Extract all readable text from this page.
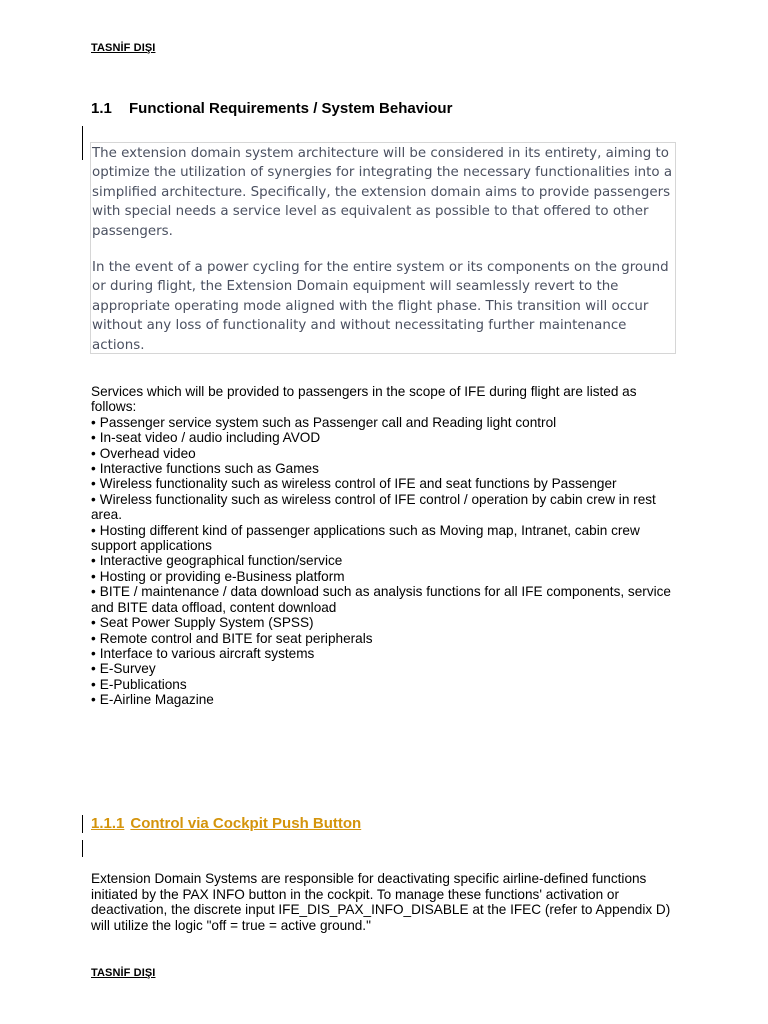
TASNİF DIŞI
1.1 Functional Requirements / System Behaviour

The extension domain system architecture will be considered in its entirety, aiming to optimize the utilization of synergies for integrating the necessary functionalities into a simplified architecture. Specifically, the extension domain aims to provide passengers with special needs a service level as equivalent as possible to that offered to other passengers.

In the event of a power cycling for the entire system or its components on the ground or during flight, the Extension Domain equipment will seamlessly revert to the appropriate operating mode aligned with the flight phase. This transition will occur without any loss of functionality and without necessitating further maintenance actions.

Services which will be provided to passengers in the scope of IFE during flight are listed as follows:

• Passenger service system such as Passenger call and Reading light control
• In-seat video / audio including AVOD
• Overhead video
• Interactive functions such as Games
• Wireless functionality such as wireless control of IFE and seat functions by Passenger
• Wireless functionality such as wireless control of IFE control / operation by cabin crew in rest area.
• Hosting different kind of passenger applications such as Moving map, Intranet, cabin crew support applications
• Interactive geographical function/service
• Hosting or providing e-Business platform
• BITE / maintenance / data download such as analysis functions for all IFE components, service and BITE data offload, content download
• Seat Power Supply System (SPSS)
• Remote control and BITE for seat peripherals
• Interface to various aircraft systems
• E-Survey
• E-Publications
• E-Airline Magazine
1.1.1 Control via Cockpit Push Button

Extension Domain Systems are responsible for deactivating specific airline-defined functions initiated by the PAX INFO button in the cockpit. To manage these functions' activation or deactivation, the discrete input IFE_DIS_PAX_INFO_DISABLE at the IFEC (refer to Appendix D) will utilize the logic "off = true = active ground."

TASNİF DIŞI
